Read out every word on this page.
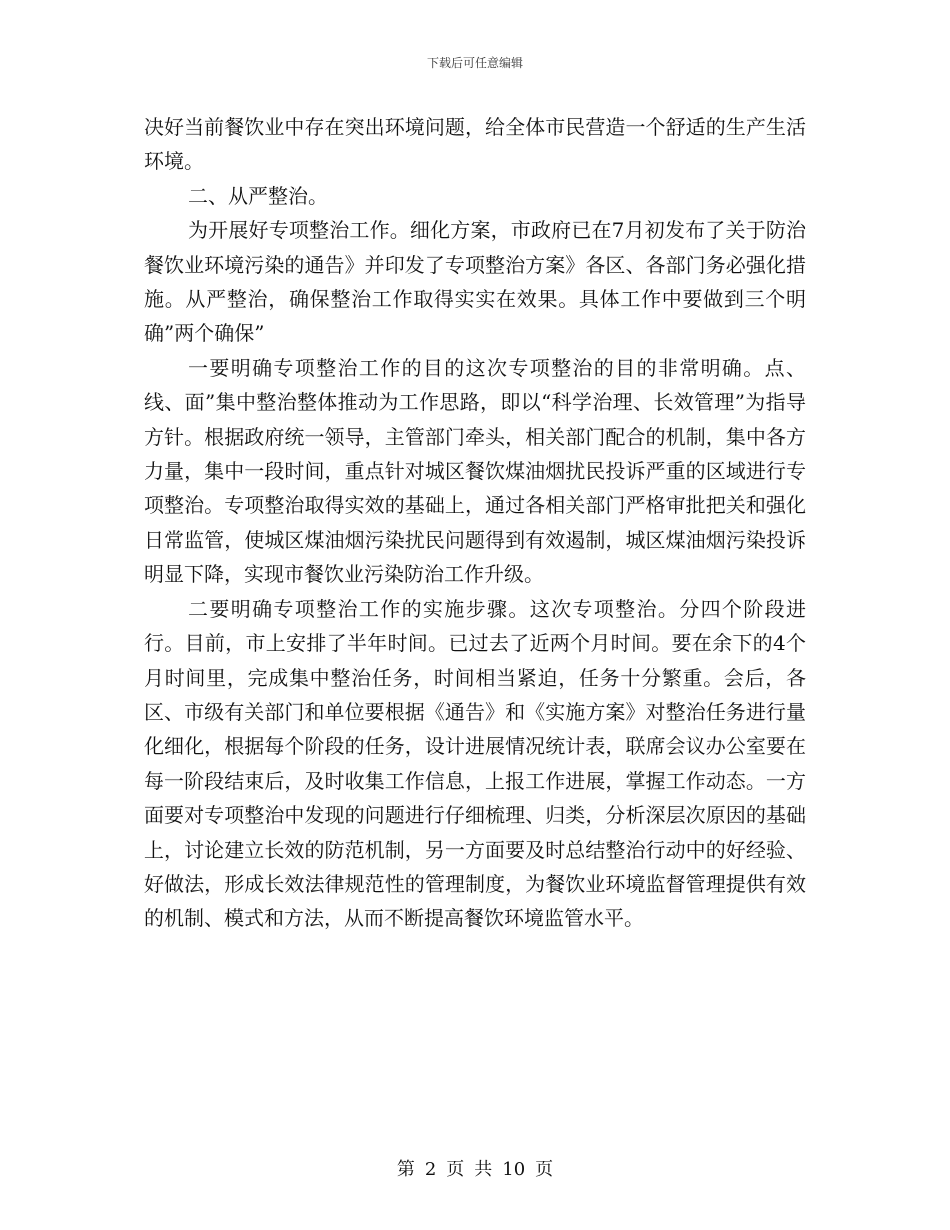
下载后可任意编辑

决好当前餐饮业中存在突出环境问题，给全体市民营造一个舒适的生产生活环境。

二、从严整治。

为开展好专项整治工作。细化方案，市政府已在7月初发布了关于防治餐饮业环境污染的通告》并印发了专项整治方案》各区、各部门务必强化措施。从严整治，确保整治工作取得实实在效果。具体工作中要做到三个明确”两个确保”

一要明确专项整治工作的目的这次专项整治的目的非常明确。点、线、面”集中整治整体推动为工作思路，即以“科学治理、长效管理”为指导方针。根据政府统一领导，主管部门牵头，相关部门配合的机制，集中各方力量，集中一段时间，重点针对城区餐饮煤油烟扰民投诉严重的区域进行专项整治。专项整治取得实效的基础上，通过各相关部门严格审批把关和强化日常监管，使城区煤油烟污染扰民问题得到有效遏制，城区煤油烟污染投诉明显下降，实现市餐饮业污染防治工作升级。

二要明确专项整治工作的实施步骤。这次专项整治。分四个阶段进行。目前，市上安排了半年时间。已过去了近两个月时间。要在余下的4个月时间里，完成集中整治任务，时间相当紧迫，任务十分繁重。会后，各区、市级有关部门和单位要根据《通告》和《实施方案》对整治任务进行量化细化，根据每个阶段的任务，设计进展情况统计表，联席会议办公室要在每一阶段结束后，及时收集工作信息，上报工作进展，掌握工作动态。一方面要对专项整治中发现的问题进行仔细梳理、归类，分析深层次原因的基础上，讨论建立长效的防范机制，另一方面要及时总结整治行动中的好经验、好做法，形成长效法律规范性的管理制度，为餐饮业环境监督管理提供有效的机制、模式和方法，从而不断提高餐饮环境监管水平。

第 2 页 共 10 页
